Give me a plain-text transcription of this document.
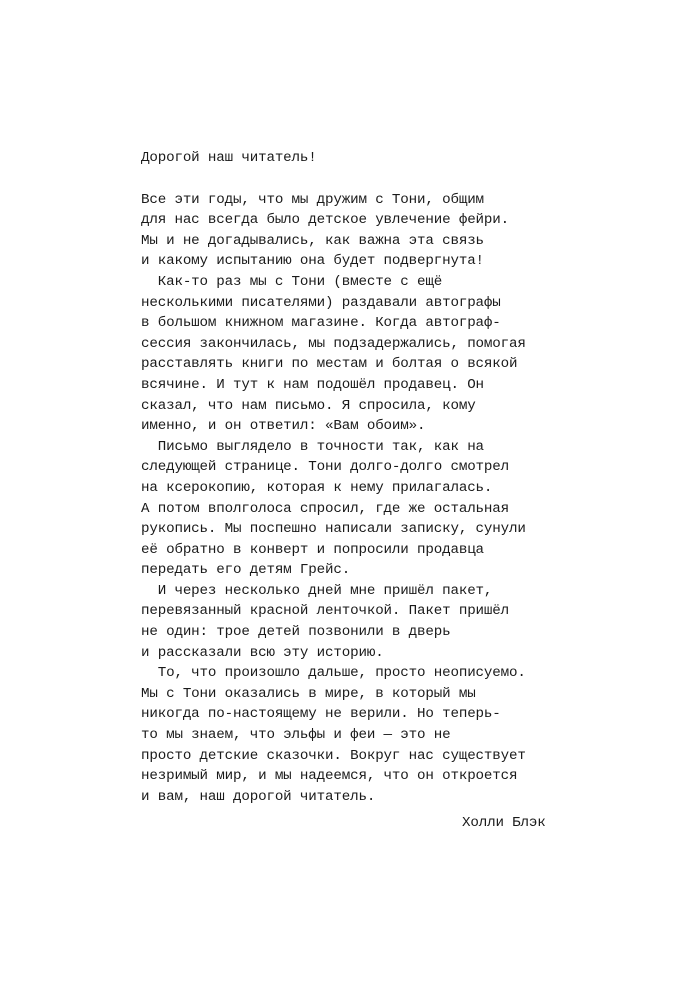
Дорогой наш читатель!
Все эти годы, что мы дружим с Тони, общим
для нас всегда было детское увлечение фейри.
Мы и не догадывались, как важна эта связь
и какому испытанию она будет подвергнута!
Как-то раз мы с Тони (вместе с ещё
несколькими писателями) раздавали автографы
в большом книжном магазине. Когда автограф-
сессия закончилась, мы подзадержались, помогая
расставлять книги по местам и болтая о всякой
всячине. И тут к нам подошёл продавец. Он
сказал, что нам письмо. Я спросила, кому
именно, и он ответил: «Вам обоим».
Письмо выглядело в точности так, как на
следующей странице. Тони долго-долго смотрел
на ксерокопию, которая к нему прилагалась.
А потом вполголоса спросил, где же остальная
рукопись. Мы поспешно написали записку, сунули
её обратно в конверт и попросили продавца
передать его детям Грейс.
И через несколько дней мне пришёл пакет,
перевязанный красной ленточкой. Пакет пришёл
не один: трое детей позвонили в дверь
и рассказали всю эту историю.
То, что произошло дальше, просто неописуемо.
Мы с Тони оказались в мире, в который мы
никогда по-настоящему не верили. Но теперь-
то мы знаем, что эльфы и феи — это не
просто детские сказочки. Вокруг нас существует
незримый мир, и мы надеемся, что он откроется
и вам, наш дорогой читатель.
Холли Блэк
